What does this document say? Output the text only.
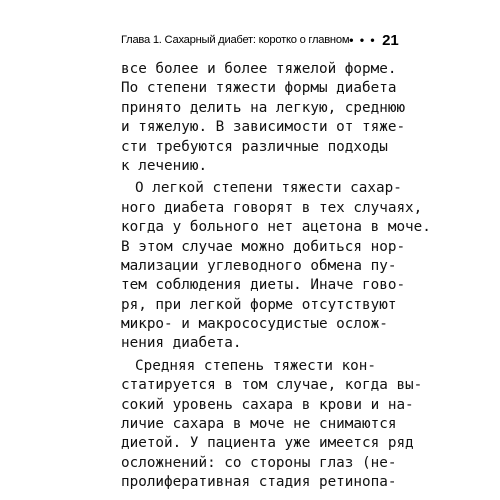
Глава 1. Сахарный диабет: коротко о главном • • • 21
все более и более тяжелой форме.
По степени тяжести формы диабета
принято делить на легкую, среднюю
и тяжелую. В зависимости от тяже-
сти требуются различные подходы
к лечению.
О легкой степени тяжести сахар-
ного диабета говорят в тех случаях,
когда у больного нет ацетона в моче.
В этом случае можно добиться нор-
мализации углеводного обмена пу-
тем соблюдения диеты. Иначе гово-
ря, при легкой форме отсутствуют
микро- и макрососудистые ослож-
нения диабета.
Средняя степень тяжести кон-
статируется в том случае, когда вы-
сокий уровень сахара в крови и на-
личие сахара в моче не снимаются
диетой. У пациента уже имеется ряд
осложнений: со стороны глаз (не-
пролиферативная стадия ретинопа-
